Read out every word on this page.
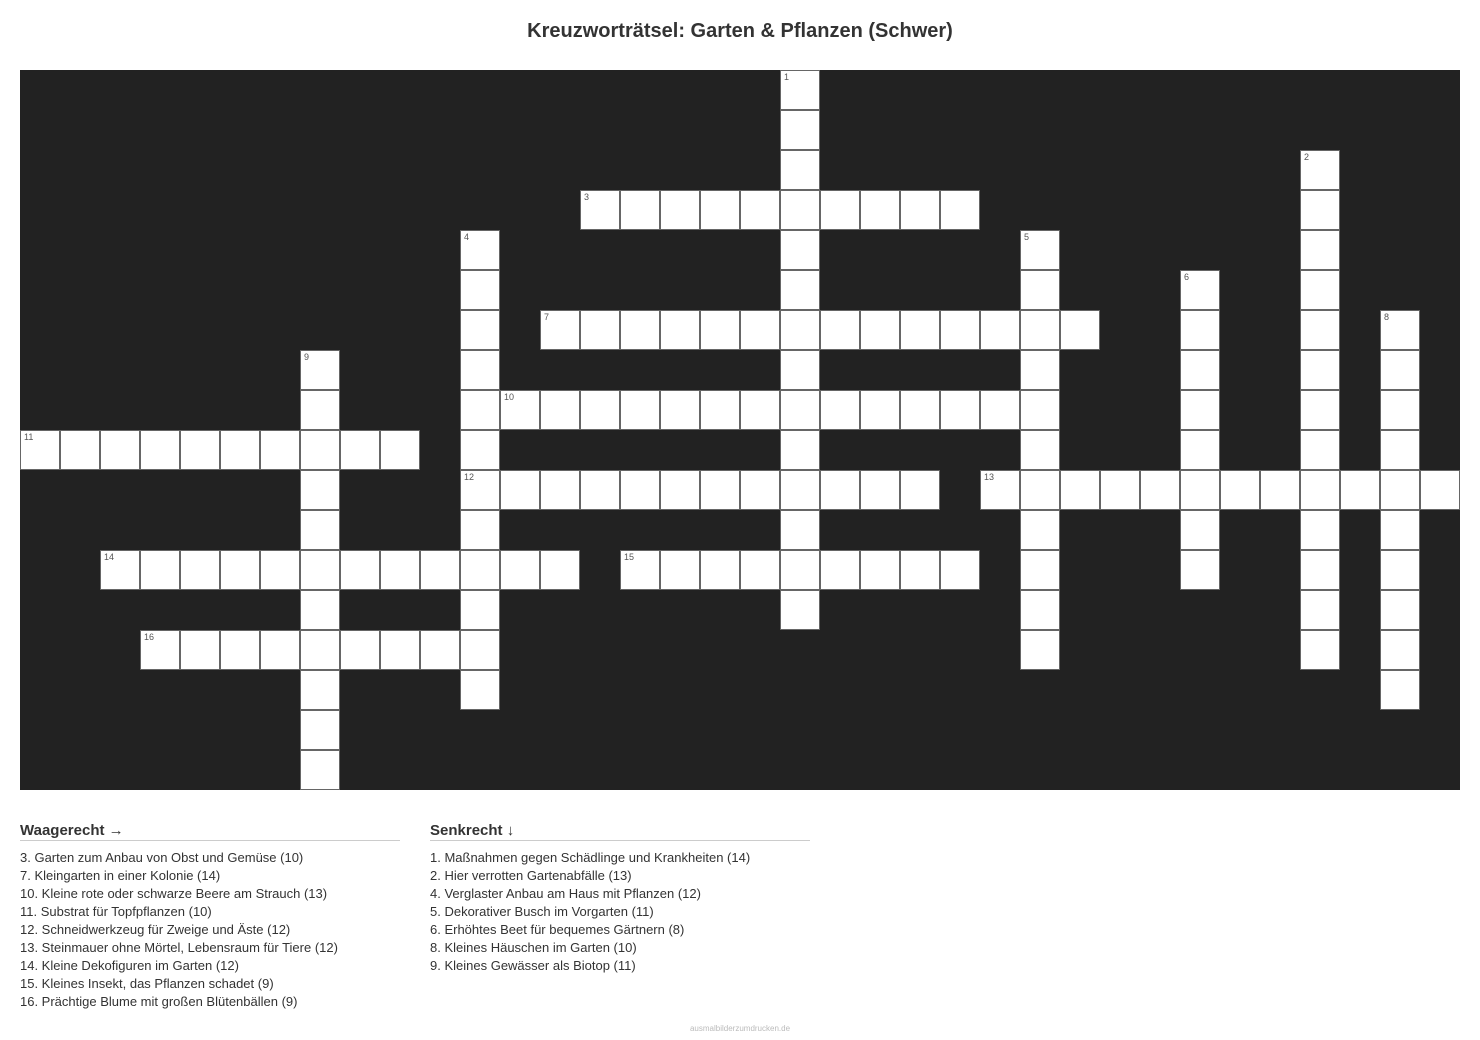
Kreuzworträtsel: Garten & Pflanzen (Schwer)
3
7
10
11
12	13
14	15
16
1
2
4	5
6
8
9
Waagerecht →
3. Garten zum Anbau von Obst und Gemüse (10)
7. Kleingarten in einer Kolonie (14)
10. Kleine rote oder schwarze Beere am Strauch (13)
11. Substrat für Topfpflanzen (10)
12. Schneidwerkzeug für Zweige und Äste (12)
13. Steinmauer ohne Mörtel, Lebensraum für Tiere (12)
14. Kleine Dekofiguren im Garten (12)
15. Kleines Insekt, das Pflanzen schadet (9)
16. Prächtige Blume mit großen Blütenbällen (9)
Senkrecht ↓
1. Maßnahmen gegen Schädlinge und Krankheiten (14)
2. Hier verrotten Gartenabfälle (13)
4. Verglaster Anbau am Haus mit Pflanzen (12)
5. Dekorativer Busch im Vorgarten (11)
6. Erhöhtes Beet für bequemes Gärtnern (8)
8. Kleines Häuschen im Garten (10)
9. Kleines Gewässer als Biotop (11)
ausmalbilderzumdrucken.de
